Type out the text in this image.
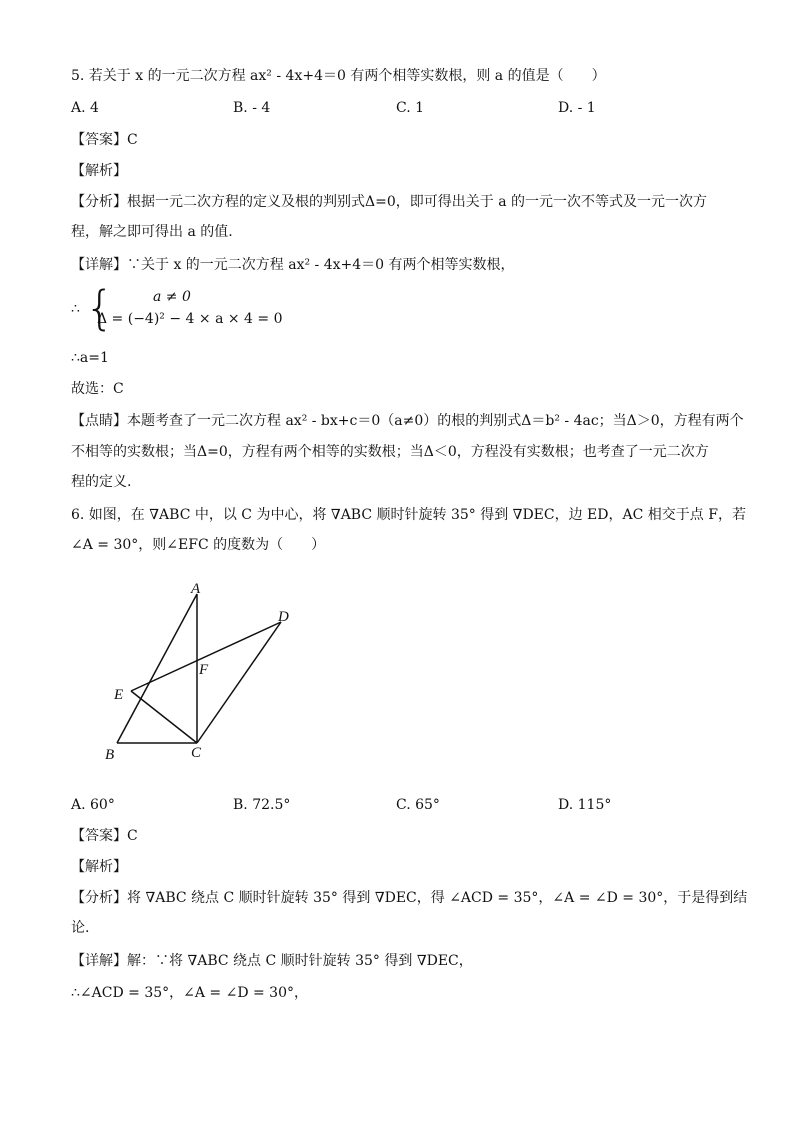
5. 若关于 x 的一元二次方程 ax² - 4x+4＝0 有两个相等实数根，则 a 的值是（　　）
A. 4	B. - 4	C. 1	D. - 1
【答案】C
【解析】
【分析】根据一元二次方程的定义及根的判别式Δ=0，即可得出关于 a 的一元一次不等式及一元一次方
程，解之即可得出 a 的值.
【详解】∵关于 x 的一元二次方程 ax² - 4x+4＝0 有两个相等实数根，
∴ {	a ≠ 0
Δ = (−4)² − 4 × a × 4 = 0
∴a=1
故选：C
【点睛】本题考查了一元二次方程 ax² - bx+c＝0（a≠0）的根的判别式Δ＝b² - 4ac；当Δ＞0，方程有两个
不相等的实数根；当Δ=0，方程有两个相等的实数根；当Δ＜0，方程没有实数根；也考查了一元二次方
程的定义.
6. 如图，在 ∇ABC 中，以 C 为中心，将 ∇ABC 顺时针旋转 35° 得到 ∇DEC，边 ED，AC 相交于点 F，若
∠A = 30°，则∠EFC 的度数为（　　）
A
D
F
E
B	C
A. 60°	B. 72.5°	C. 65°	D. 115°
【答案】C
【解析】
【分析】将 ∇ABC 绕点 C 顺时针旋转 35° 得到 ∇DEC，得 ∠ACD = 35°，∠A = ∠D = 30°，于是得到结
论.
【详解】解：∵将 ∇ABC 绕点 C 顺时针旋转 35° 得到 ∇DEC，
∴∠ACD = 35°，∠A = ∠D = 30°，
